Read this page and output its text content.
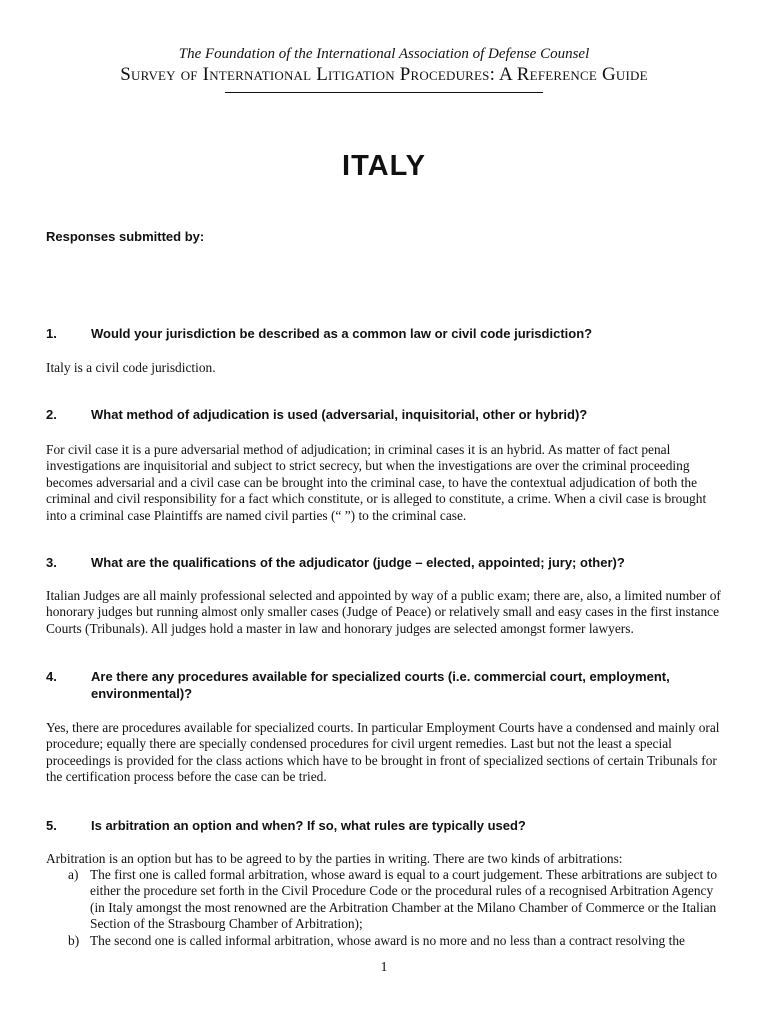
The Foundation of the International Association of Defense Counsel
Survey of International Litigation Procedures: A Reference Guide
ITALY
Responses submitted by:
1.	Would your jurisdiction be described as a common law or civil code jurisdiction?

Italy is a civil code jurisdiction.

2.	What method of adjudication is used (adversarial, inquisitorial, other or hybrid)?

For civil case it is a pure adversarial method of adjudication; in criminal cases it is an hybrid. As matter of fact penal investigations are inquisitorial and subject to strict secrecy, but when the investigations are over the criminal proceeding becomes adversarial and a civil case can be brought into the criminal case, to have the contextual adjudication of both the criminal and civil responsibility for a fact which constitute, or is alleged to constitute, a crime. When a civil case is brought into a criminal case Plaintiffs are named civil parties (“ ”) to the criminal case.

3.	What are the qualifications of the adjudicator (judge – elected, appointed; jury; other)?

Italian Judges are all mainly professional selected and appointed by way of a public exam; there are, also, a limited number of honorary judges but running almost only smaller cases (Judge of Peace) or relatively small and easy cases in the first instance Courts (Tribunals). All judges hold a master in law and honorary judges are selected amongst former lawyers.

4.	Are there any procedures available for specialized courts (i.e. commercial court, employment, environmental)?

Yes, there are procedures available for specialized courts. In particular Employment Courts have a condensed and mainly oral procedure; equally there are specially condensed procedures for civil urgent remedies. Last but not the least a special proceedings is provided for the class actions which have to be brought in front of specialized sections of certain Tribunals for the certification process before the case can be tried.

5.	Is arbitration an option and when? If so, what rules are typically used?

Arbitration is an option but has to be agreed to by the parties in writing. There are two kinds of arbitrations:

a) The first one is called formal arbitration, whose award is equal to a court judgement. These arbitrations are subject to either the procedure set forth in the Civil Procedure Code or the procedural rules of a recognised Arbitration Agency (in Italy amongst the most renowned are the Arbitration Chamber at the Milano Chamber of Commerce or the Italian Section of the Strasbourg Chamber of Arbitration);
b) The second one is called informal arbitration, whose award is no more and no less than a contract resolving the
1
